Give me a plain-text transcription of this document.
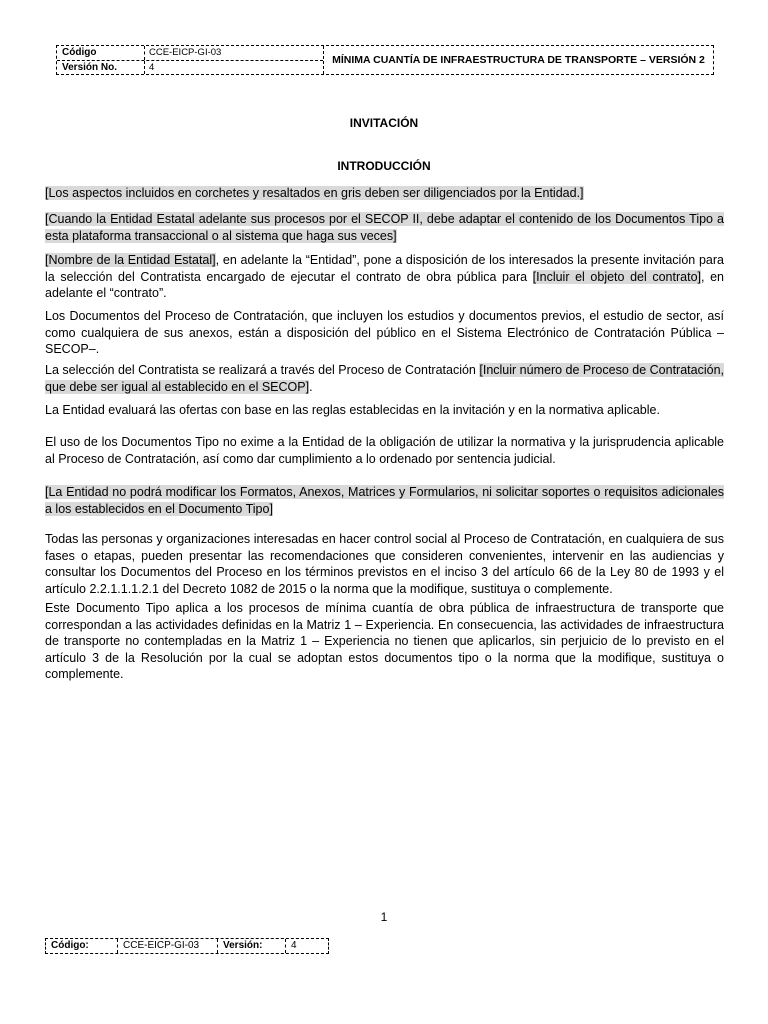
Código	CCE-EICP-GI-03
Versión No.	4
MÍNIMA CUANTÍA DE INFRAESTRUCTURA DE TRANSPORTE – VERSIÓN 2
INVITACIÓN
INTRODUCCIÓN

[Los aspectos incluidos en corchetes y resaltados en gris deben ser diligenciados por la Entidad.]

[Cuando la Entidad Estatal adelante sus procesos por el SECOP II, debe adaptar el contenido de los Documentos Tipo a esta plataforma transaccional o al sistema que haga sus veces]

[Nombre de la Entidad Estatal], en adelante la “Entidad”, pone a disposición de los interesados la presente invitación para la selección del Contratista encargado de ejecutar el contrato de obra pública para [Incluir el objeto del contrato], en adelante el “contrato”.

Los Documentos del Proceso de Contratación, que incluyen los estudios y documentos previos, el estudio de sector, así como cualquiera de sus anexos, están a disposición del público en el Sistema Electrónico de Contratación Pública – SECOP–.

La selección del Contratista se realizará a través del Proceso de Contratación [Incluir número de Proceso de Contratación, que debe ser igual al establecido en el SECOP].

La Entidad evaluará las ofertas con base en las reglas establecidas en la invitación y en la normativa aplicable.

El uso de los Documentos Tipo no exime a la Entidad de la obligación de utilizar la normativa y la jurisprudencia aplicable al Proceso de Contratación, así como dar cumplimiento a lo ordenado por sentencia judicial.

[La Entidad no podrá modificar los Formatos, Anexos, Matrices y Formularios, ni solicitar soportes o requisitos adicionales a los establecidos en el Documento Tipo]

Todas las personas y organizaciones interesadas en hacer control social al Proceso de Contratación, en cualquiera de sus fases o etapas, pueden presentar las recomendaciones que consideren convenientes, intervenir en las audiencias y consultar los Documentos del Proceso en los términos previstos en el inciso 3 del artículo 66 de la Ley 80 de 1993 y el artículo 2.2.1.1.1.2.1 del Decreto 1082 de 2015 o la norma que la modifique, sustituya o complemente.

Este Documento Tipo aplica a los procesos de mínima cuantía de obra pública de infraestructura de transporte que correspondan a las actividades definidas en la Matriz 1 – Experiencia. En consecuencia, las actividades de infraestructura de transporte no contempladas en la Matriz 1 – Experiencia no tienen que aplicarlos, sin perjuicio de lo previsto en el artículo 3 de la Resolución por la cual se adoptan estos documentos tipo o la norma que la modifique, sustituya o complemente.

1
Código:	CCE-EICP-GI-03	Versión:	4
